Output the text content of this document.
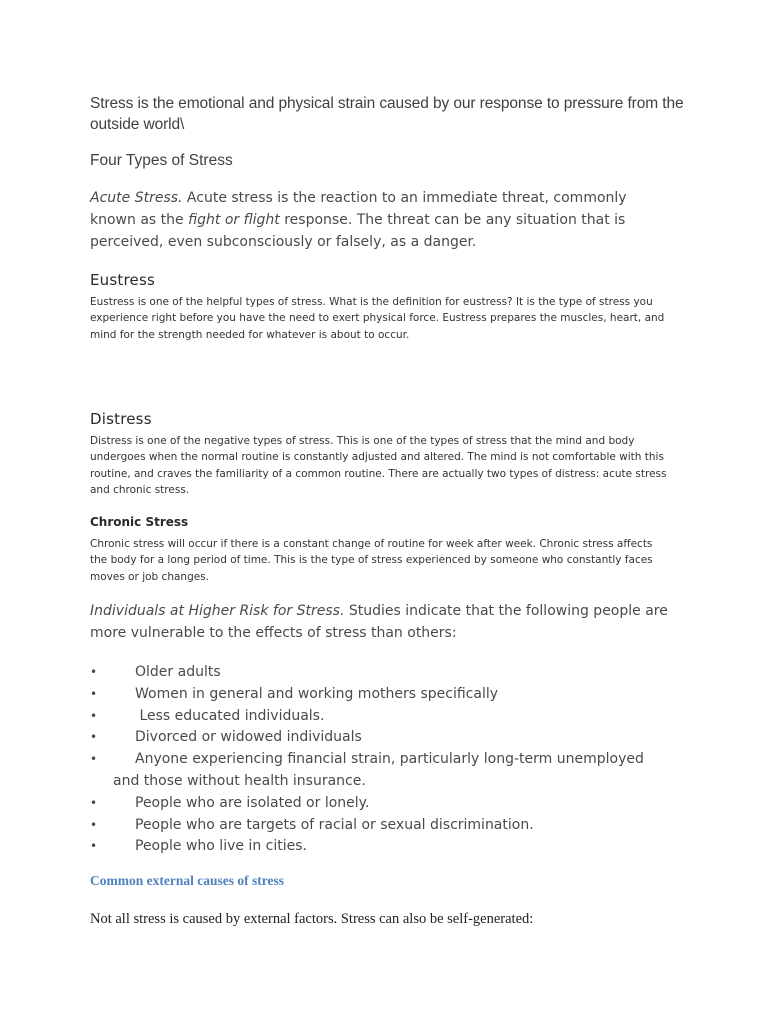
Stress is the emotional and physical strain caused by our response to pressure from the outside world\

Four Types of Stress

Acute Stress. Acute stress is the reaction to an immediate threat, commonly known as the fight or flight response. The threat can be any situation that is perceived, even subconsciously or falsely, as a danger.

Eustress

Eustress is one of the helpful types of stress. What is the definition for eustress? It is the type of stress you experience right before you have the need to exert physical force. Eustress prepares the muscles, heart, and mind for the strength needed for whatever is about to occur.

Distress

Distress is one of the negative types of stress. This is one of the types of stress that the mind and body undergoes when the normal routine is constantly adjusted and altered. The mind is not comfortable with this routine, and craves the familiarity of a common routine. There are actually two types of distress: acute stress and chronic stress.

Chronic Stress

Chronic stress will occur if there is a constant change of routine for week after week. Chronic stress affects the body for a long period of time. This is the type of stress experienced by someone who constantly faces moves or job changes.

Individuals at Higher Risk for Stress. Studies indicate that the following people are more vulnerable to the effects of stress than others:

•	Older adults
•	Women in general and working mothers specifically
•	Less educated individuals.
•	Divorced or widowed individuals
•	Anyone experiencing financial strain, particularly long-term unemployed
and those without health insurance.
•	People who are isolated or lonely.
•	People who are targets of racial or sexual discrimination.
•	People who live in cities.
Common external causes of stress

Not all stress is caused by external factors. Stress can also be self-generated:
